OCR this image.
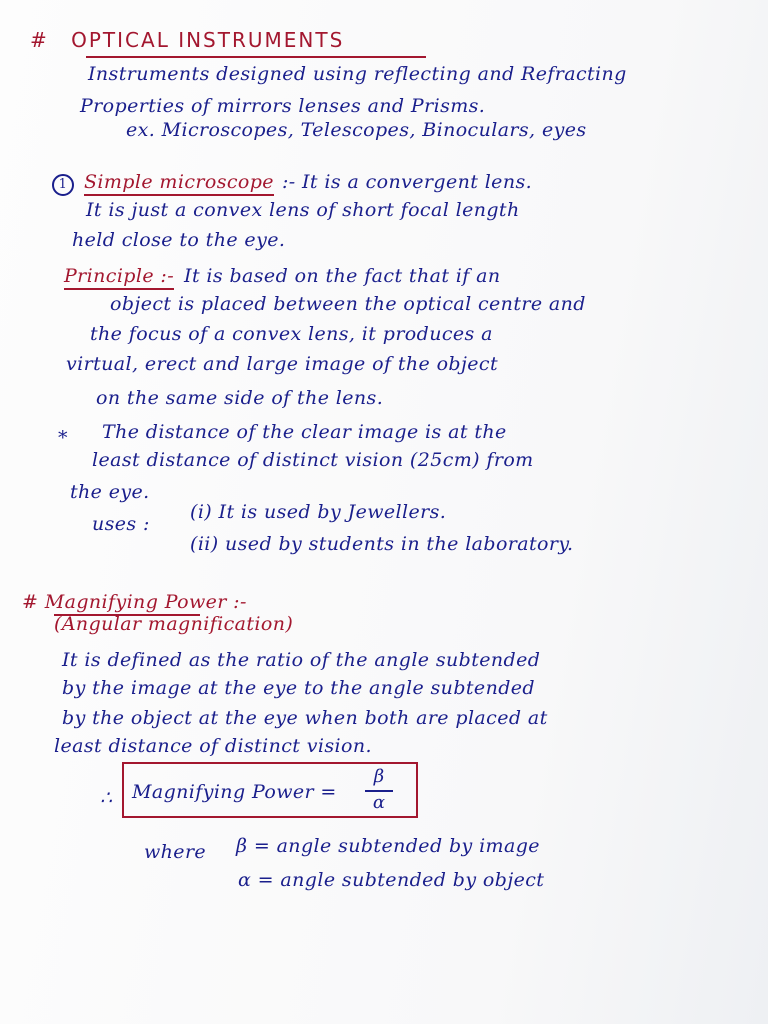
# OPTICAL INSTRUMENTS
Instruments designed using reflecting and Refracting
Properties of mirrors lenses and Prisms.
ex. Microscopes, Telescopes, Binoculars, eyes
1 Simple microscope :- It is a convergent lens.
It is just a convex lens of short focal length
held close to the eye.
Principle :- It is based on the fact that if an
object is placed between the optical centre and
the focus of a convex lens, it produces a
virtual, erect and large image of the object
on the same side of the lens.
* The distance of the clear image is at the
least distance of distinct vision (25cm) from
the eye.
uses :
(i) It is used by Jewellers.
(ii) used by students in the laboratory.
# Magnifying Power :-
(Angular magnification)
It is defined as the ratio of the angle subtended
by the image at the eye to the angle subtended
by the object at the eye when both are placed at
least distance of distinct vision.
∴ Magnifying Power =
β
α
where β = angle subtended by image
α = angle subtended by object
